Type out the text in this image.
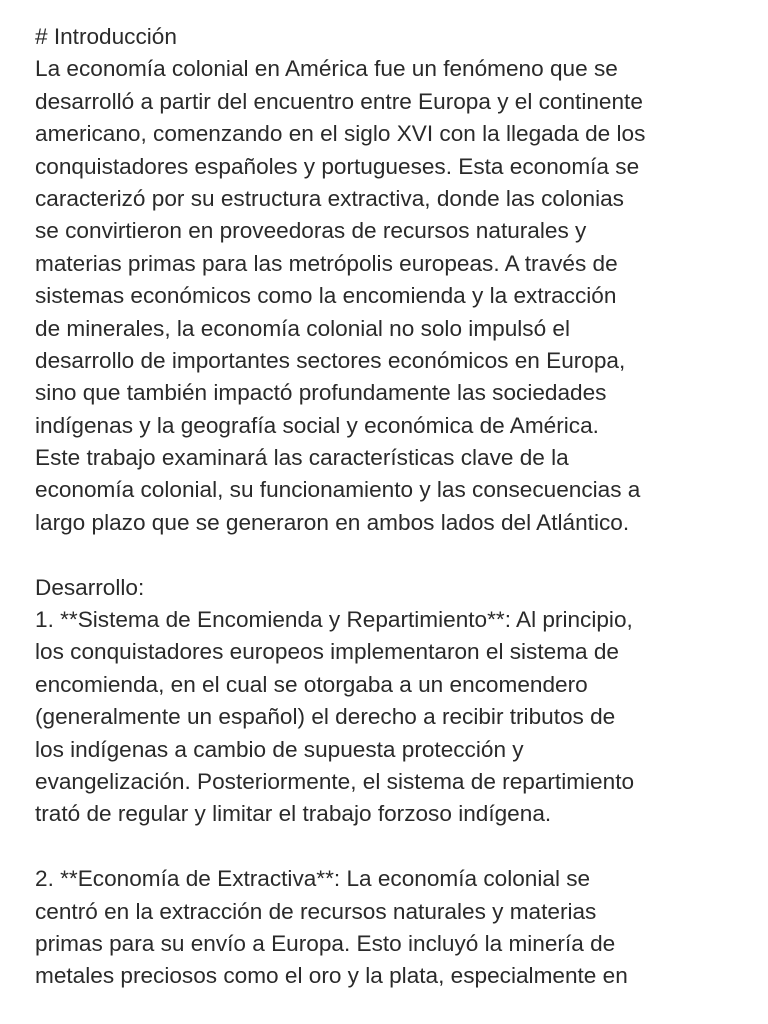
# Introducción
La economía colonial en América fue un fenómeno que se
desarrolló a partir del encuentro entre Europa y el continente
americano, comenzando en el siglo XVI con la llegada de los
conquistadores españoles y portugueses. Esta economía se
caracterizó por su estructura extractiva, donde las colonias
se convirtieron en proveedoras de recursos naturales y
materias primas para las metrópolis europeas. A través de
sistemas económicos como la encomienda y la extracción
de minerales, la economía colonial no solo impulsó el
desarrollo de importantes sectores económicos en Europa,
sino que también impactó profundamente las sociedades
indígenas y la geografía social y económica de América.
Este trabajo examinará las características clave de la
economía colonial, su funcionamiento y las consecuencias a
largo plazo que se generaron en ambos lados del Atlántico.
Desarrollo:
1. **Sistema de Encomienda y Repartimiento**: Al principio,
los conquistadores europeos implementaron el sistema de
encomienda, en el cual se otorgaba a un encomendero
(generalmente un español) el derecho a recibir tributos de
los indígenas a cambio de supuesta protección y
evangelización. Posteriormente, el sistema de repartimiento
trató de regular y limitar el trabajo forzoso indígena.
2. **Economía de Extractiva**: La economía colonial se
centró en la extracción de recursos naturales y materias
primas para su envío a Europa. Esto incluyó la minería de
metales preciosos como el oro y la plata, especialmente en
